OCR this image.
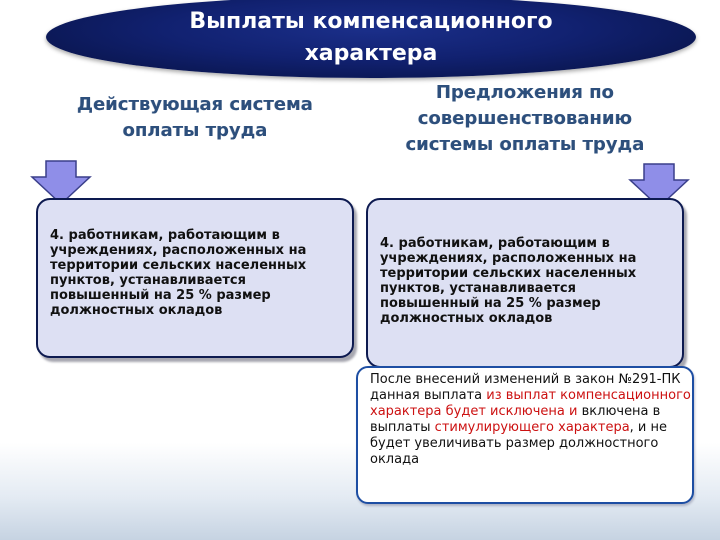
Выплаты компенсационного
характера

Действующая система
оплаты труда

Предложения по
совершенствованию
системы оплаты труда

4. работникам, работающим в
учреждениях, расположенных на
территории сельских населенных
пунктов, устанавливается
повышенный на 25 % размер
должностных окладов

4. работникам, работающим в
учреждениях, расположенных на
территории сельских населенных
пунктов, устанавливается
повышенный на 25 % размер
должностных окладов

После внесений изменений в закон №291-ПК данная выплата из выплат компенсационного характера будет исключена и включена в выплаты стимулирующего характера, и не будет увеличивать размер должностного оклада
